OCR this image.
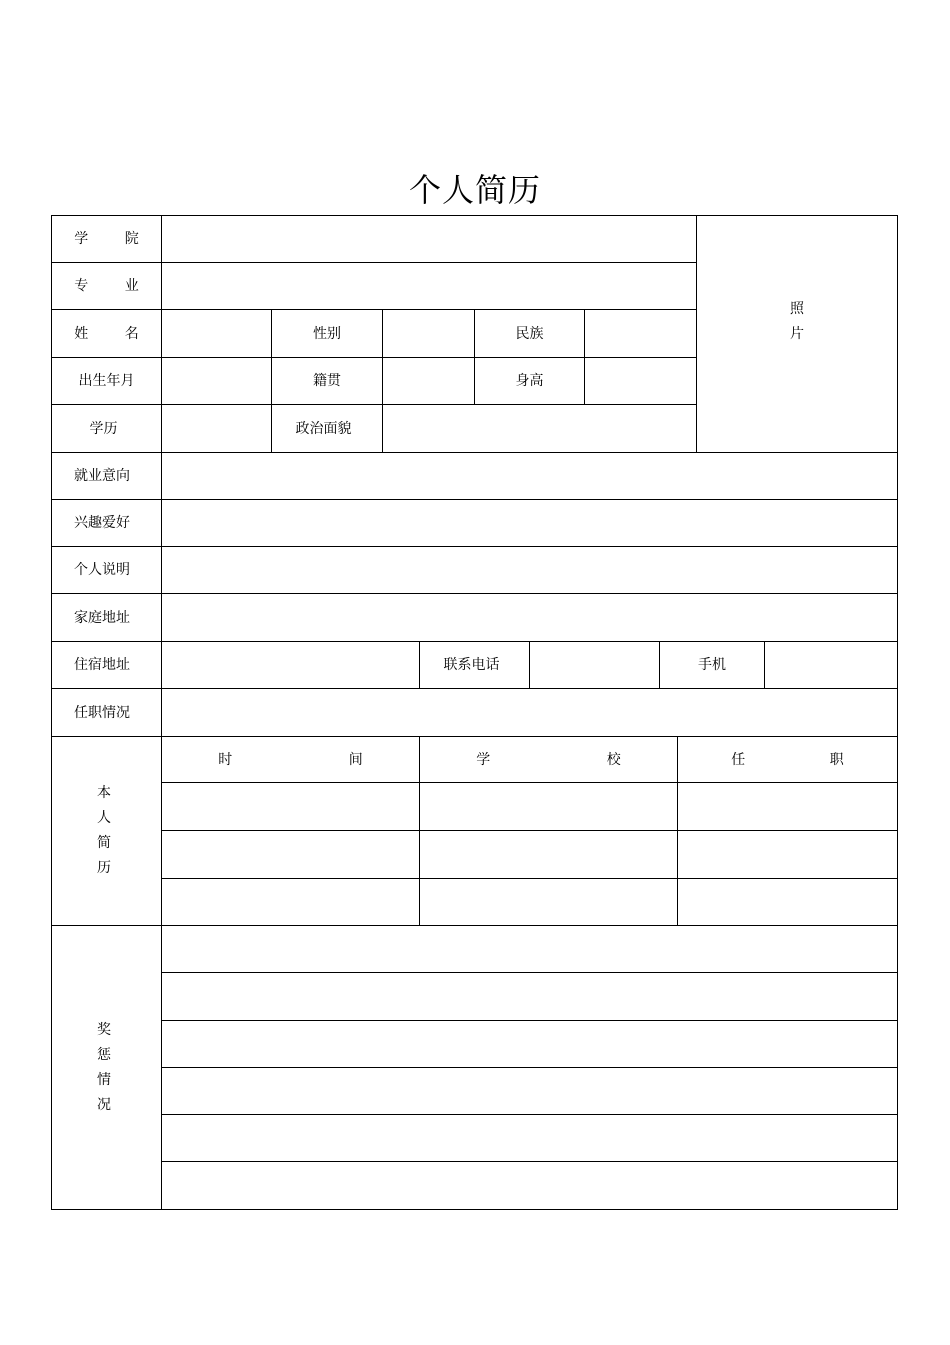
个人简历
学 院
专 业
姓 名	性别	民族
出生年月	籍贯	身高
学历	政治面貌
照
片
就业意向
兴趣爱好
个人说明
家庭地址
住宿地址	联系电话	手机
任职情况
本
人
简
历
时 间	学 校	任 职
奖
惩
情
况
